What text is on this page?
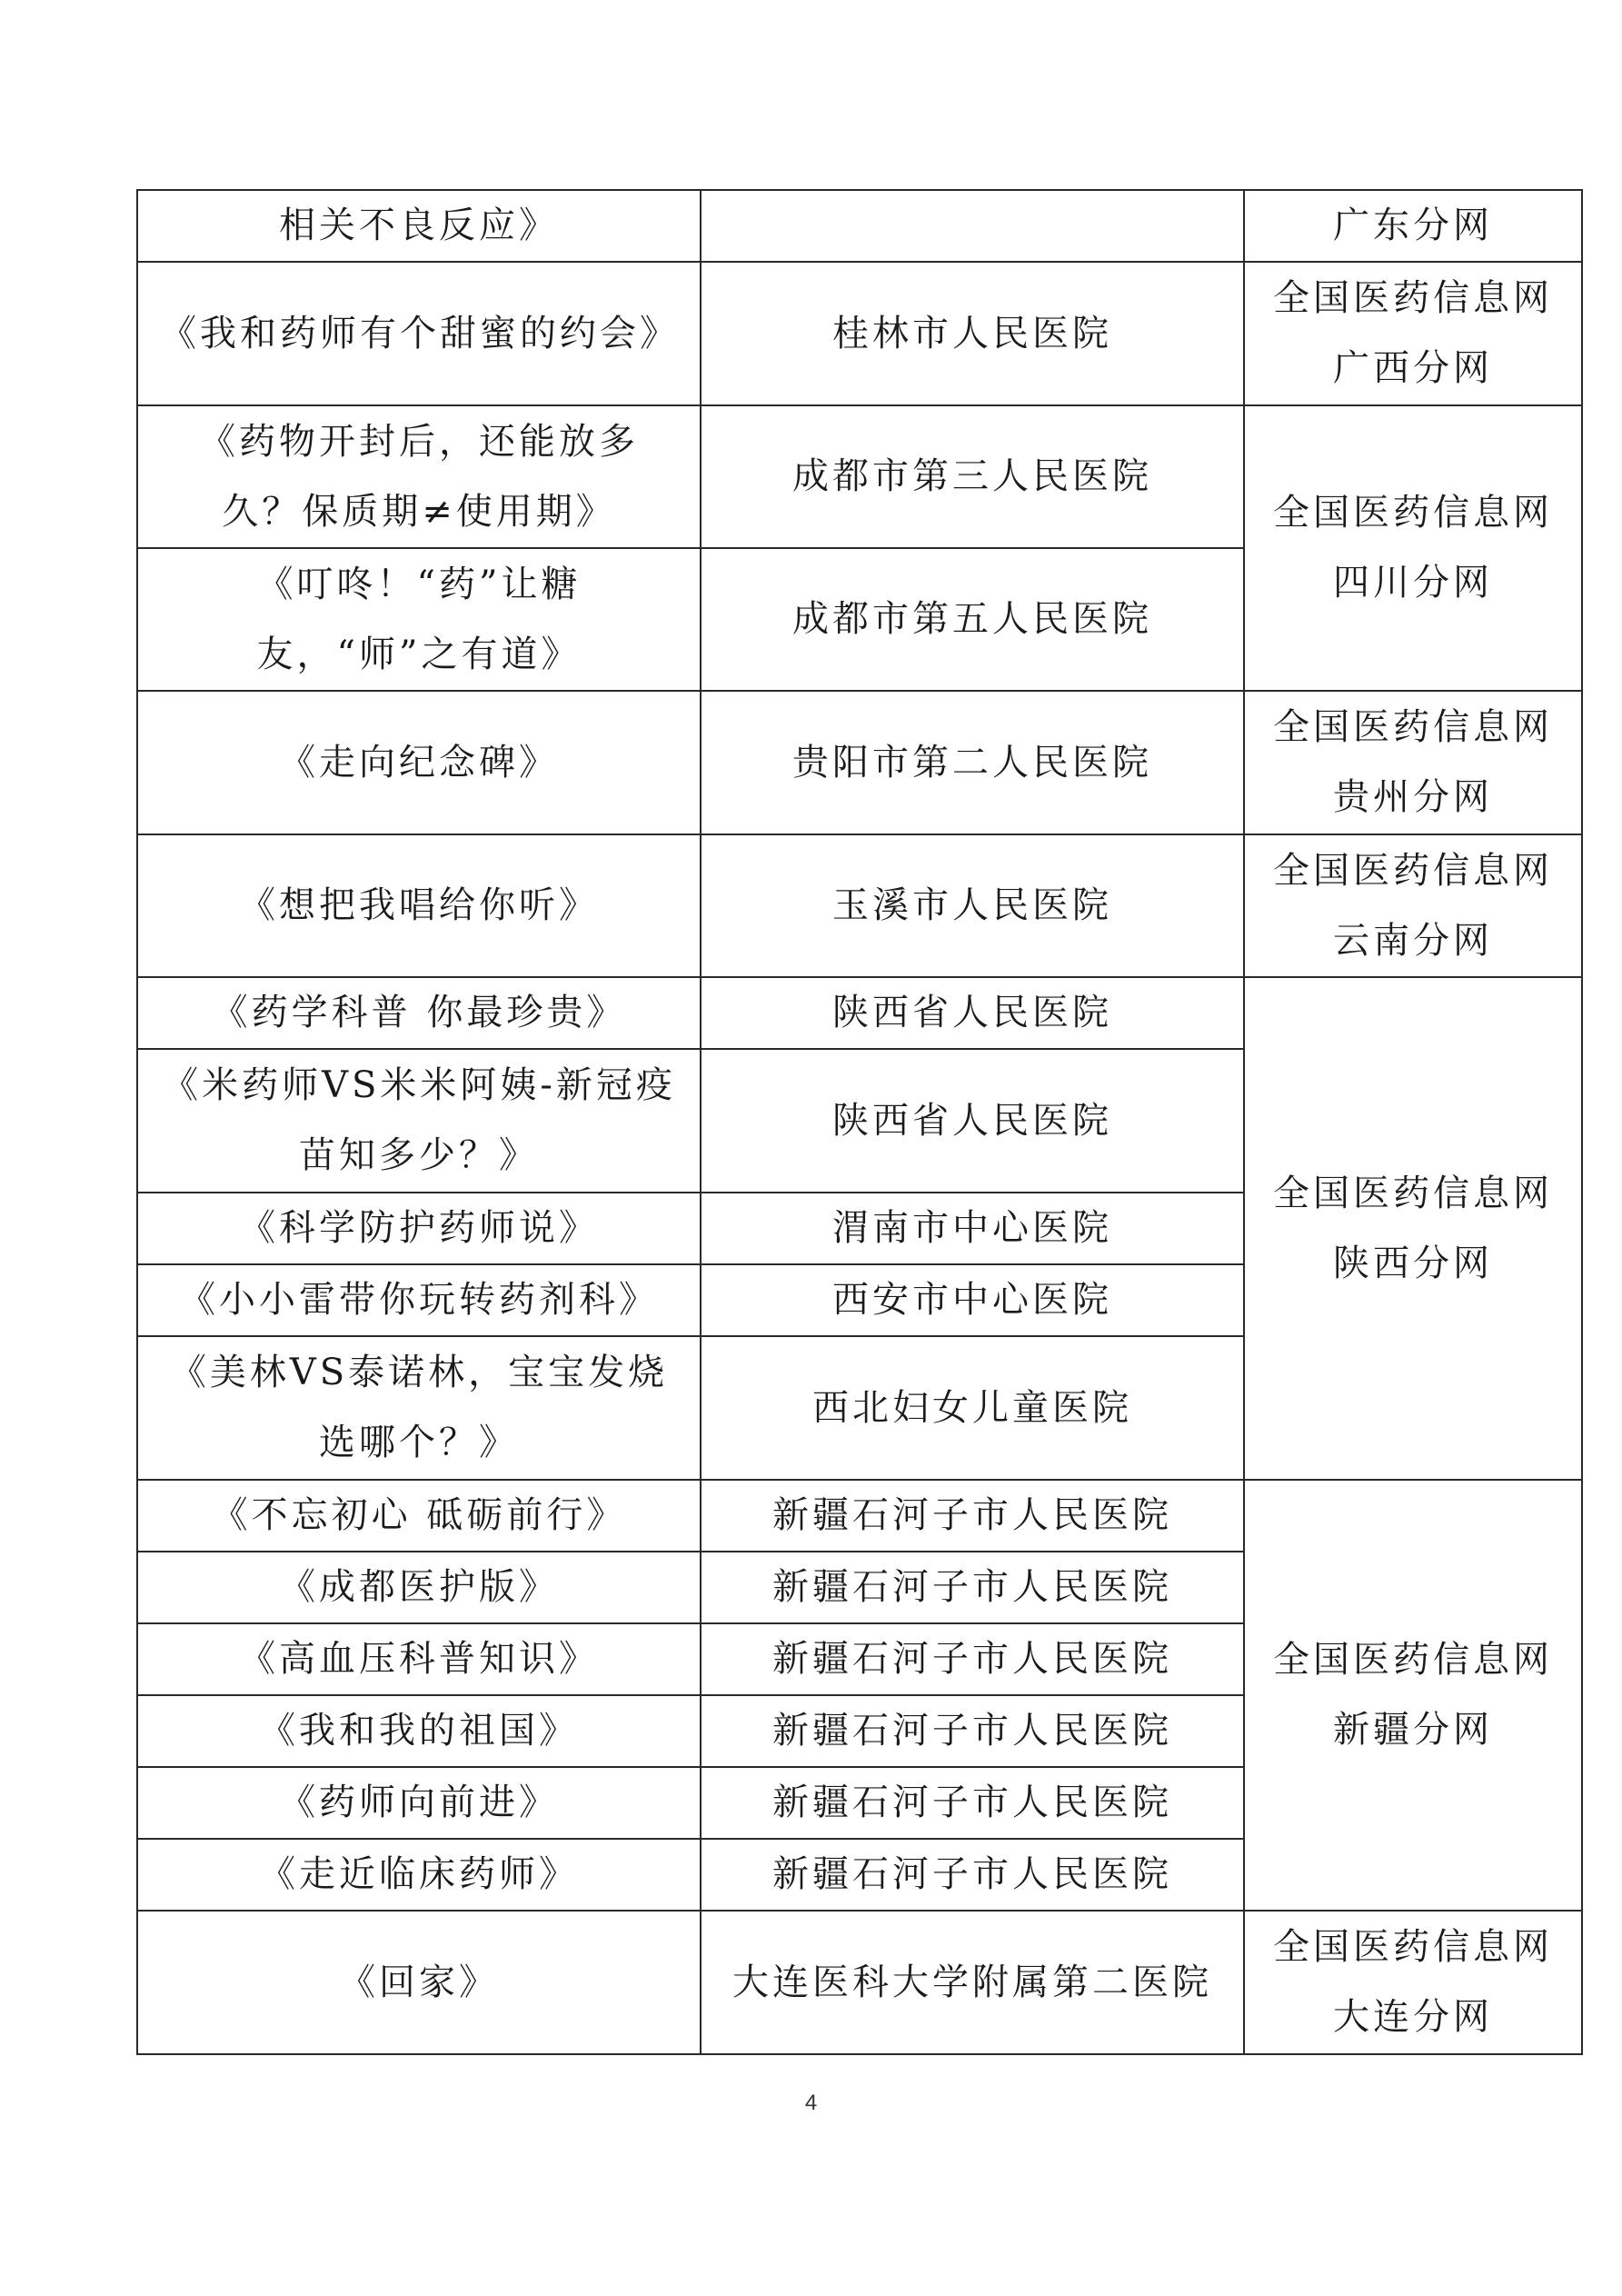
相关不良反应》		广东分网
《我和药师有个甜蜜的约会》	桂林市人民医院	全国医药信息网广西分网
《药物开封后，还能放多久？保质期≠使用期》	成都市第三人民医院	全国医药信息网四川分网
《叮咚！“药”让糖友，“师”之有道》	成都市第五人民医院	
《走向纪念碑》	贵阳市第二人民医院	全国医药信息网贵州分网
《想把我唱给你听》	玉溪市人民医院	全国医药信息网云南分网
《药学科普 你最珍贵》	陕西省人民医院	全国医药信息网陕西分网
《米药师VS米米阿姨-新冠疫苗知多少？》	陕西省人民医院	
《科学防护药师说》	渭南市中心医院	
《小小雷带你玩转药剂科》	西安市中心医院	
《美林VS泰诺林，宝宝发烧选哪个？》	西北妇女儿童医院	
《不忘初心 砥砺前行》	新疆石河子市人民医院	全国医药信息网新疆分网
《成都医护版》	新疆石河子市人民医院	
《高血压科普知识》	新疆石河子市人民医院	
《我和我的祖国》	新疆石河子市人民医院	
《药师向前进》	新疆石河子市人民医院	
《走近临床药师》	新疆石河子市人民医院	
《回家》	大连医科大学附属第二医院	全国医药信息网大连分网
4
